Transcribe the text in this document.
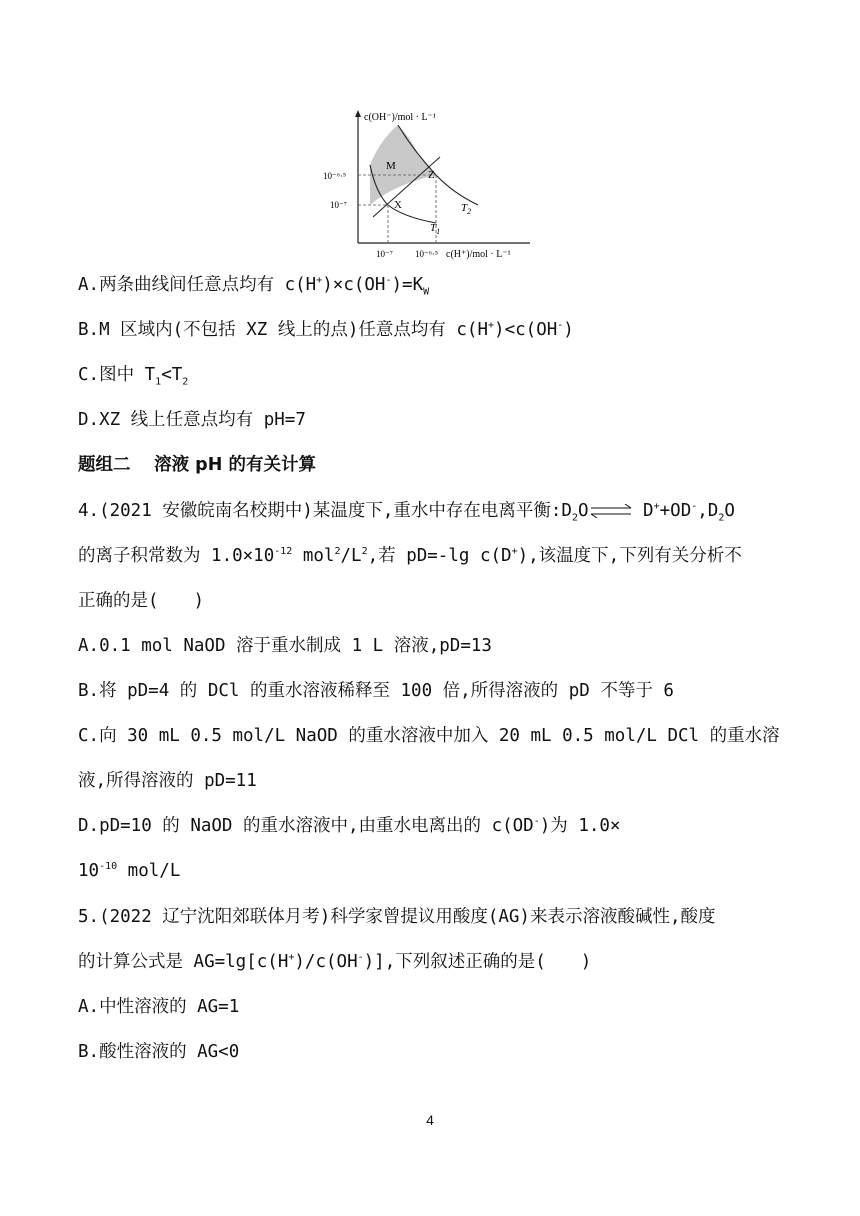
c(OH⁻)/mol · L⁻¹
c(H⁺)/mol · L⁻¹
10⁻⁶·⁵
10⁻⁷
10⁻⁷ 10⁻⁶·⁵
M
Z
X	$T_2$
$T_1$
A.两条曲线间任意点均有 $c(H^+)\times c(OH^-)=K_W$
B.M 区域内(不包括 XZ 线上的点)任意点均有 c(H+)<c(OH-)
C.图中 $T_1<T_2$
D.XZ 线上任意点均有 pH=7
题组二　 溶液 pH 的有关计算
4.(2021 安徽皖南名校期中)某温度下,重水中存在电离平衡$:D_2O\rightleftharpoons$ $D^++OD^-,D_2O$
的离子积常数为 $1.0\times 10^{-12}$ $mol^2/L^2$,若 pD=-lg c(D+),该温度下,下列有关分析不
正确的是(　　)
A.0.1 mol NaOD 溶于重水制成 1 L 溶液,pD=13
B.将 pD=4 的 DCl 的重水溶液稀释至 100 倍,所得溶液的 pD 不等于 6
C.向 30 mL 0.5 mol/L NaOD 的重水溶液中加入 20 mL 0.5 mol/L DCl 的重水溶
液,所得溶液的 pD=11
D.pD=10 的 NaOD 的重水溶液中,由重水电离出的 c(OD-)为 1.0×
$10^{-10}$ mol/L
5.(2022 辽宁沈阳郊联体月考)科学家曾提议用酸度(AG)来表示溶液酸碱性,酸度
的计算公式是 AG=lg[c(H+)/c(OH-)],下列叙述正确的是(　　)
A.中性溶液的 AG=1
B.酸性溶液的 AG<0
4
